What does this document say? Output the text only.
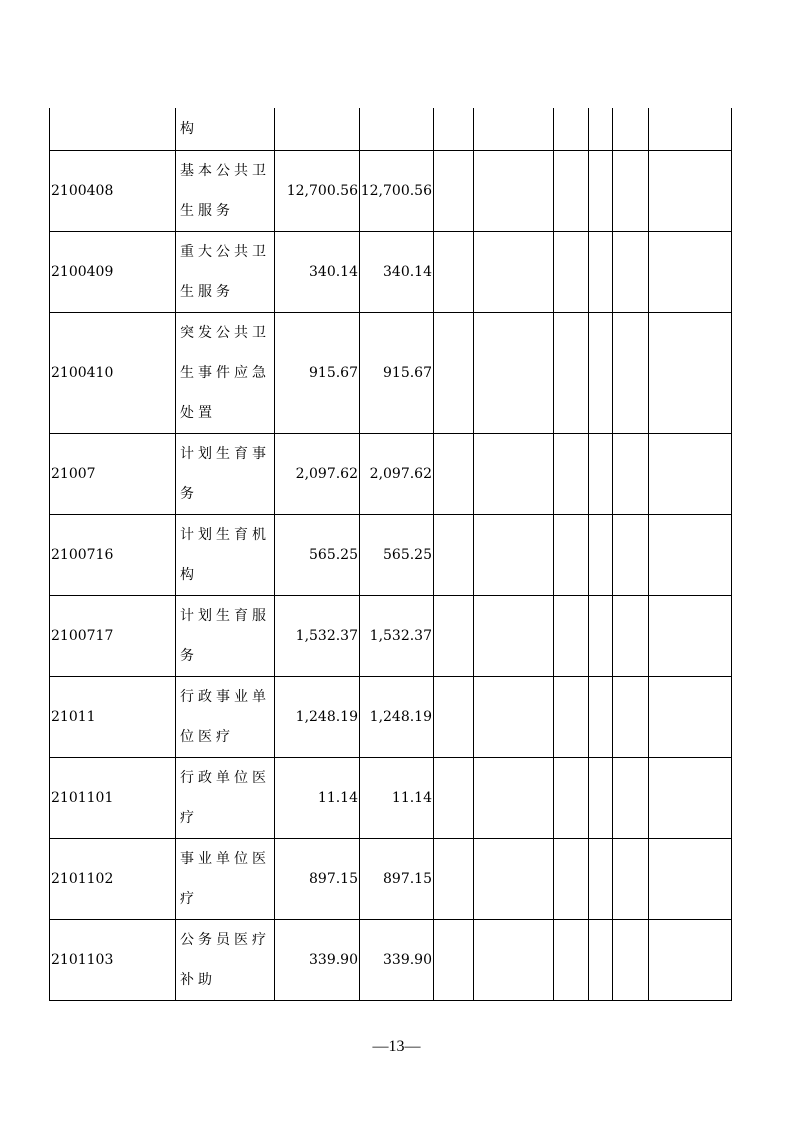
	构								
2100408	基本公共卫生服务	12,700.56	12,700.56						
2100409	重大公共卫生服务	340.14	340.14						
2100410	突发公共卫生事件应急处置	915.67	915.67						
21007	计划生育事务	2,097.62	2,097.62						
2100716	计划生育机构	565.25	565.25						
2100717	计划生育服务	1,532.37	1,532.37						
21011	行政事业单位医疗	1,248.19	1,248.19						
2101101	行政单位医疗	11.14	11.14						
2101102	事业单位医疗	897.15	897.15						
2101103	公务员医疗补助	339.90	339.90						
—13—
